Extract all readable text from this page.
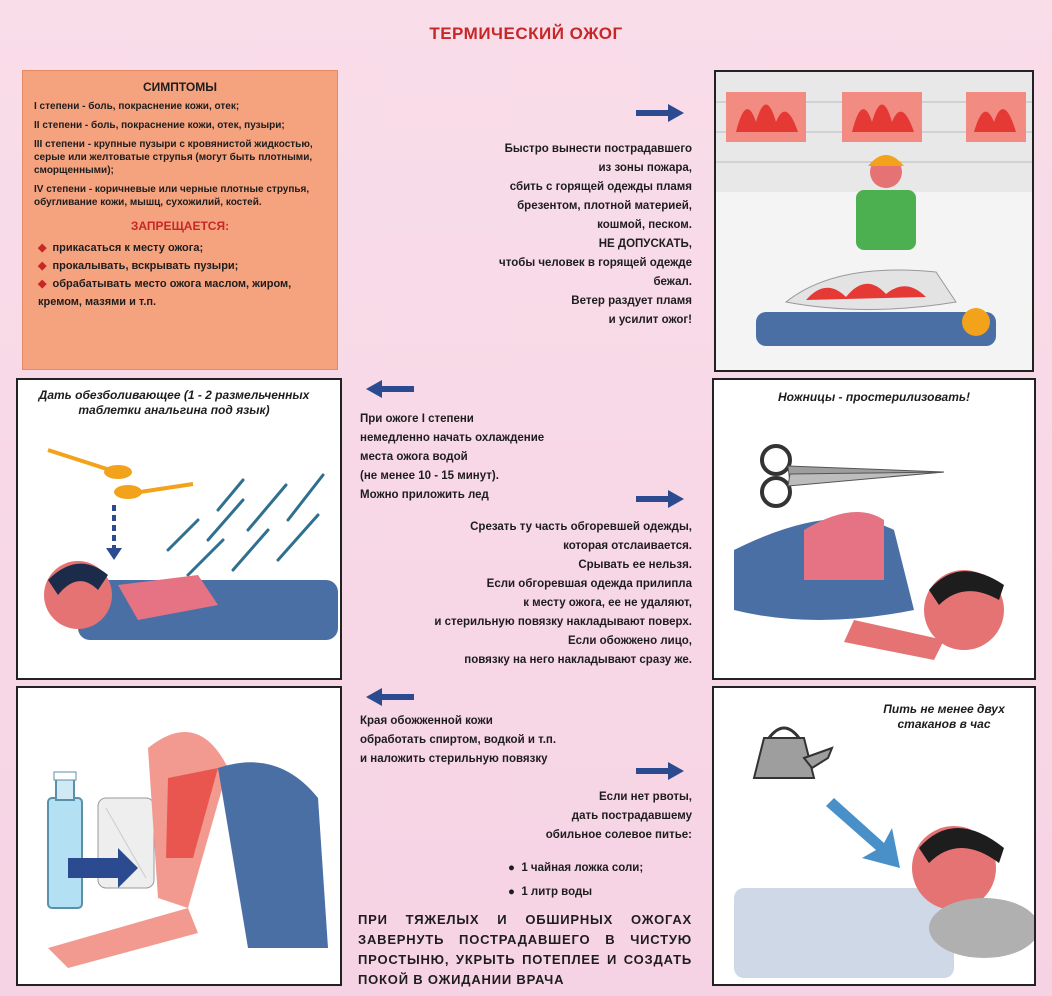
ТЕРМИЧЕСКИЙ ОЖОГ
СИМПТОМЫ

I степени - боль, покраснение кожи, отек;

II степени - боль, покраснение кожи, отек, пузыри;

III степени - крупные пузыри с кровянистой жидкостью, серые или желтоватые струпья (могут быть плотными, сморщенными);

IV степени - коричневые или черные плотные струпья, обугливание кожи, мышц, сухожилий, костей.

ЗАПРЕЩАЕТСЯ:
◆ прикасаться к месту ожога;
◆ прокалывать, вскрывать пузыри;
◆ обрабатывать место ожога маслом, жиром, кремом, мазями и т.п.
Быстро вынести пострадавшего
из зоны пожара,
сбить с горящей одежды пламя
брезентом, плотной материей,
кошмой, песком.
НЕ ДОПУСКАТЬ,
чтобы человек в горящей одежде
бежал.
Ветер раздует пламя
и усилит ожог!
При ожоге I степени
немедленно начать охлаждение
места ожога водой
(не менее 10 - 15 минут).
Можно приложить лед
Дать обезболивающее (1 - 2 размельченных таблетки анальгина под язык)
Срезать ту часть обгоревшей одежды,
которая отслаивается.
Срывать ее нельзя.
Если обгоревшая одежда прилипла
к месту ожога, ее не удаляют,
и стерильную повязку накладывают поверх.
Если обожжено лицо,
повязку на него накладывают сразу же.
Ножницы - простерилизовать!
Края обожженной кожи
обработать спиртом, водкой и т.п.
и наложить стерильную повязку
Если нет рвоты,
дать пострадавшему
обильное солевое питье:
●  1 чайная ложка соли;
●  1 литр воды
Пить не менее двух стаканов в час
ПРИ ТЯЖЕЛЫХ И ОБШИРНЫХ ОЖОГАХ ЗАВЕРНУТЬ ПОСТРАДАВШЕГО В ЧИСТУЮ ПРОСТЫНЮ, УКРЫТЬ ПОТЕПЛЕЕ И СОЗДАТЬ ПОКОЙ В ОЖИДАНИИ ВРАЧА
